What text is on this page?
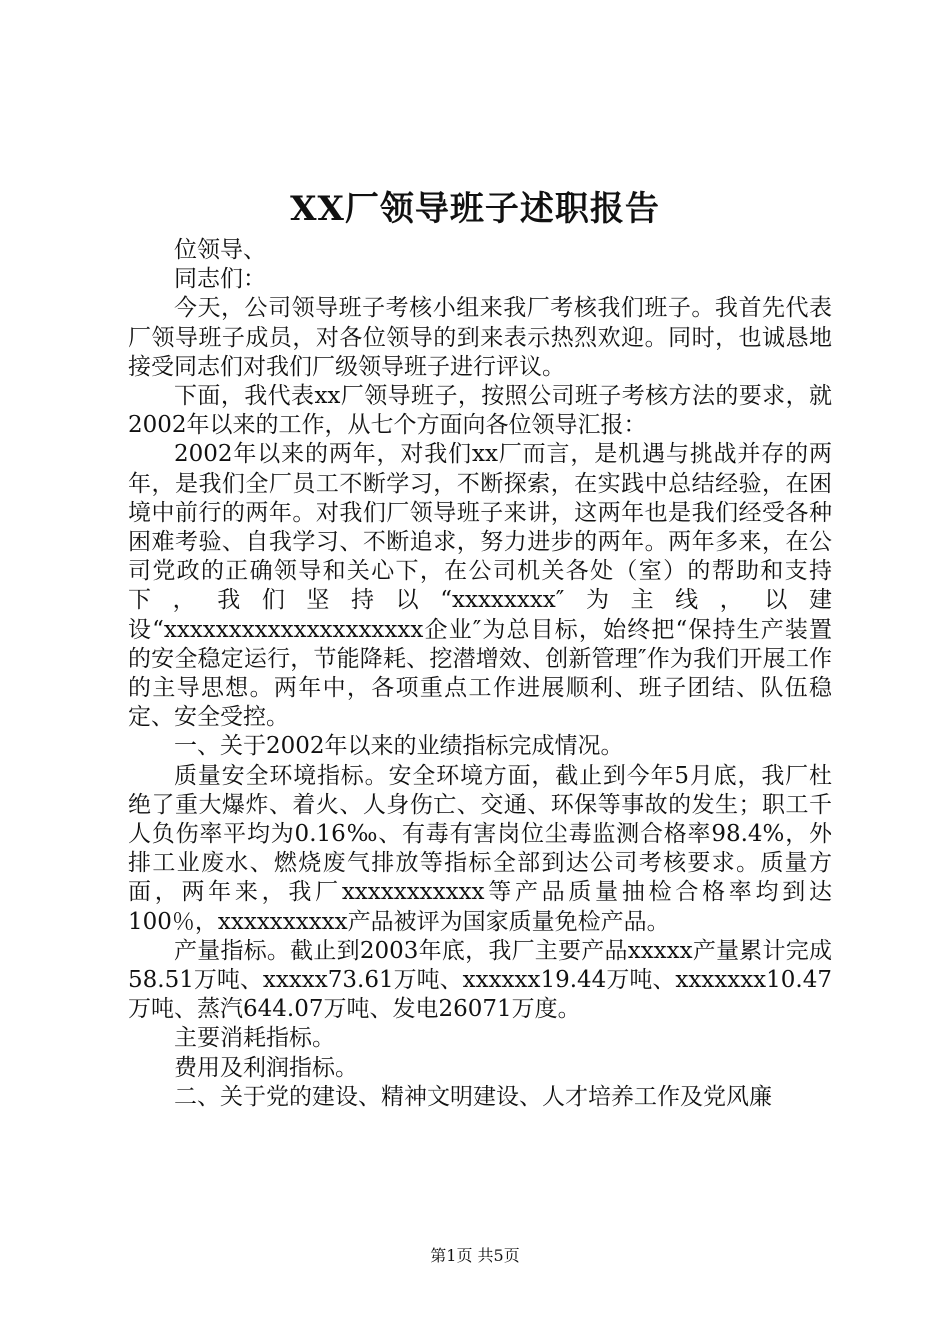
XX厂领导班子述职报告

位领导、

同志们：

今天，公司领导班子考核小组来我厂考核我们班子。我首先代表厂领导班子成员，对各位领导的到来表示热烈欢迎。同时，也诚恳地接受同志们对我们厂级领导班子进行评议。

下面，我代表xx厂领导班子，按照公司班子考核方法的要求，就2002年以来的工作，从七个方面向各位领导汇报：

2002年以来的两年，对我们xx厂而言，是机遇与挑战并存的两年，是我们全厂员工不断学习，不断探索，在实践中总结经验，在困境中前行的两年。对我们厂领导班子来讲，这两年也是我们经受各种困难考验、自我学习、不断追求，努力进步的两年。两年多来，在公司党政的正确领导和关心下，在公司机关各处（室）的帮助和支持下，我们坚持以“xxxxxxxx″为主线，以建设“xxxxxxxxxxxxxxxxxxxx企业″为总目标，始终把“保持生产装置的安全稳定运行，节能降耗、挖潜增效、创新管理″作为我们开展工作的主导思想。两年中，各项重点工作进展顺利、班子团结、队伍稳定、安全受控。

一、关于2002年以来的业绩指标完成情况。

质量安全环境指标。安全环境方面，截止到今年5月底，我厂杜绝了重大爆炸、着火、人身伤亡、交通、环保等事故的发生；职工千人负伤率平均为0.16‰、有毒有害岗位尘毒监测合格率98.4%，外排工业废水、燃烧废气排放等指标全部到达公司考核要求。质量方面，两年来，我厂xxxxxxxxxxx等产品质量抽检合格率均到达100％，xxxxxxxxxx产品被评为国家质量免检产品。

产量指标。截止到2003年底，我厂主要产品xxxxx产量累计完成58.51万吨、xxxxx73.61万吨、xxxxxx19.44万吨、xxxxxxx10.47万吨、蒸汽644.07万吨、发电26071万度。

主要消耗指标。

费用及利润指标。

二、关于党的建设、精神文明建设、人才培养工作及党风廉

第1页 共5页
